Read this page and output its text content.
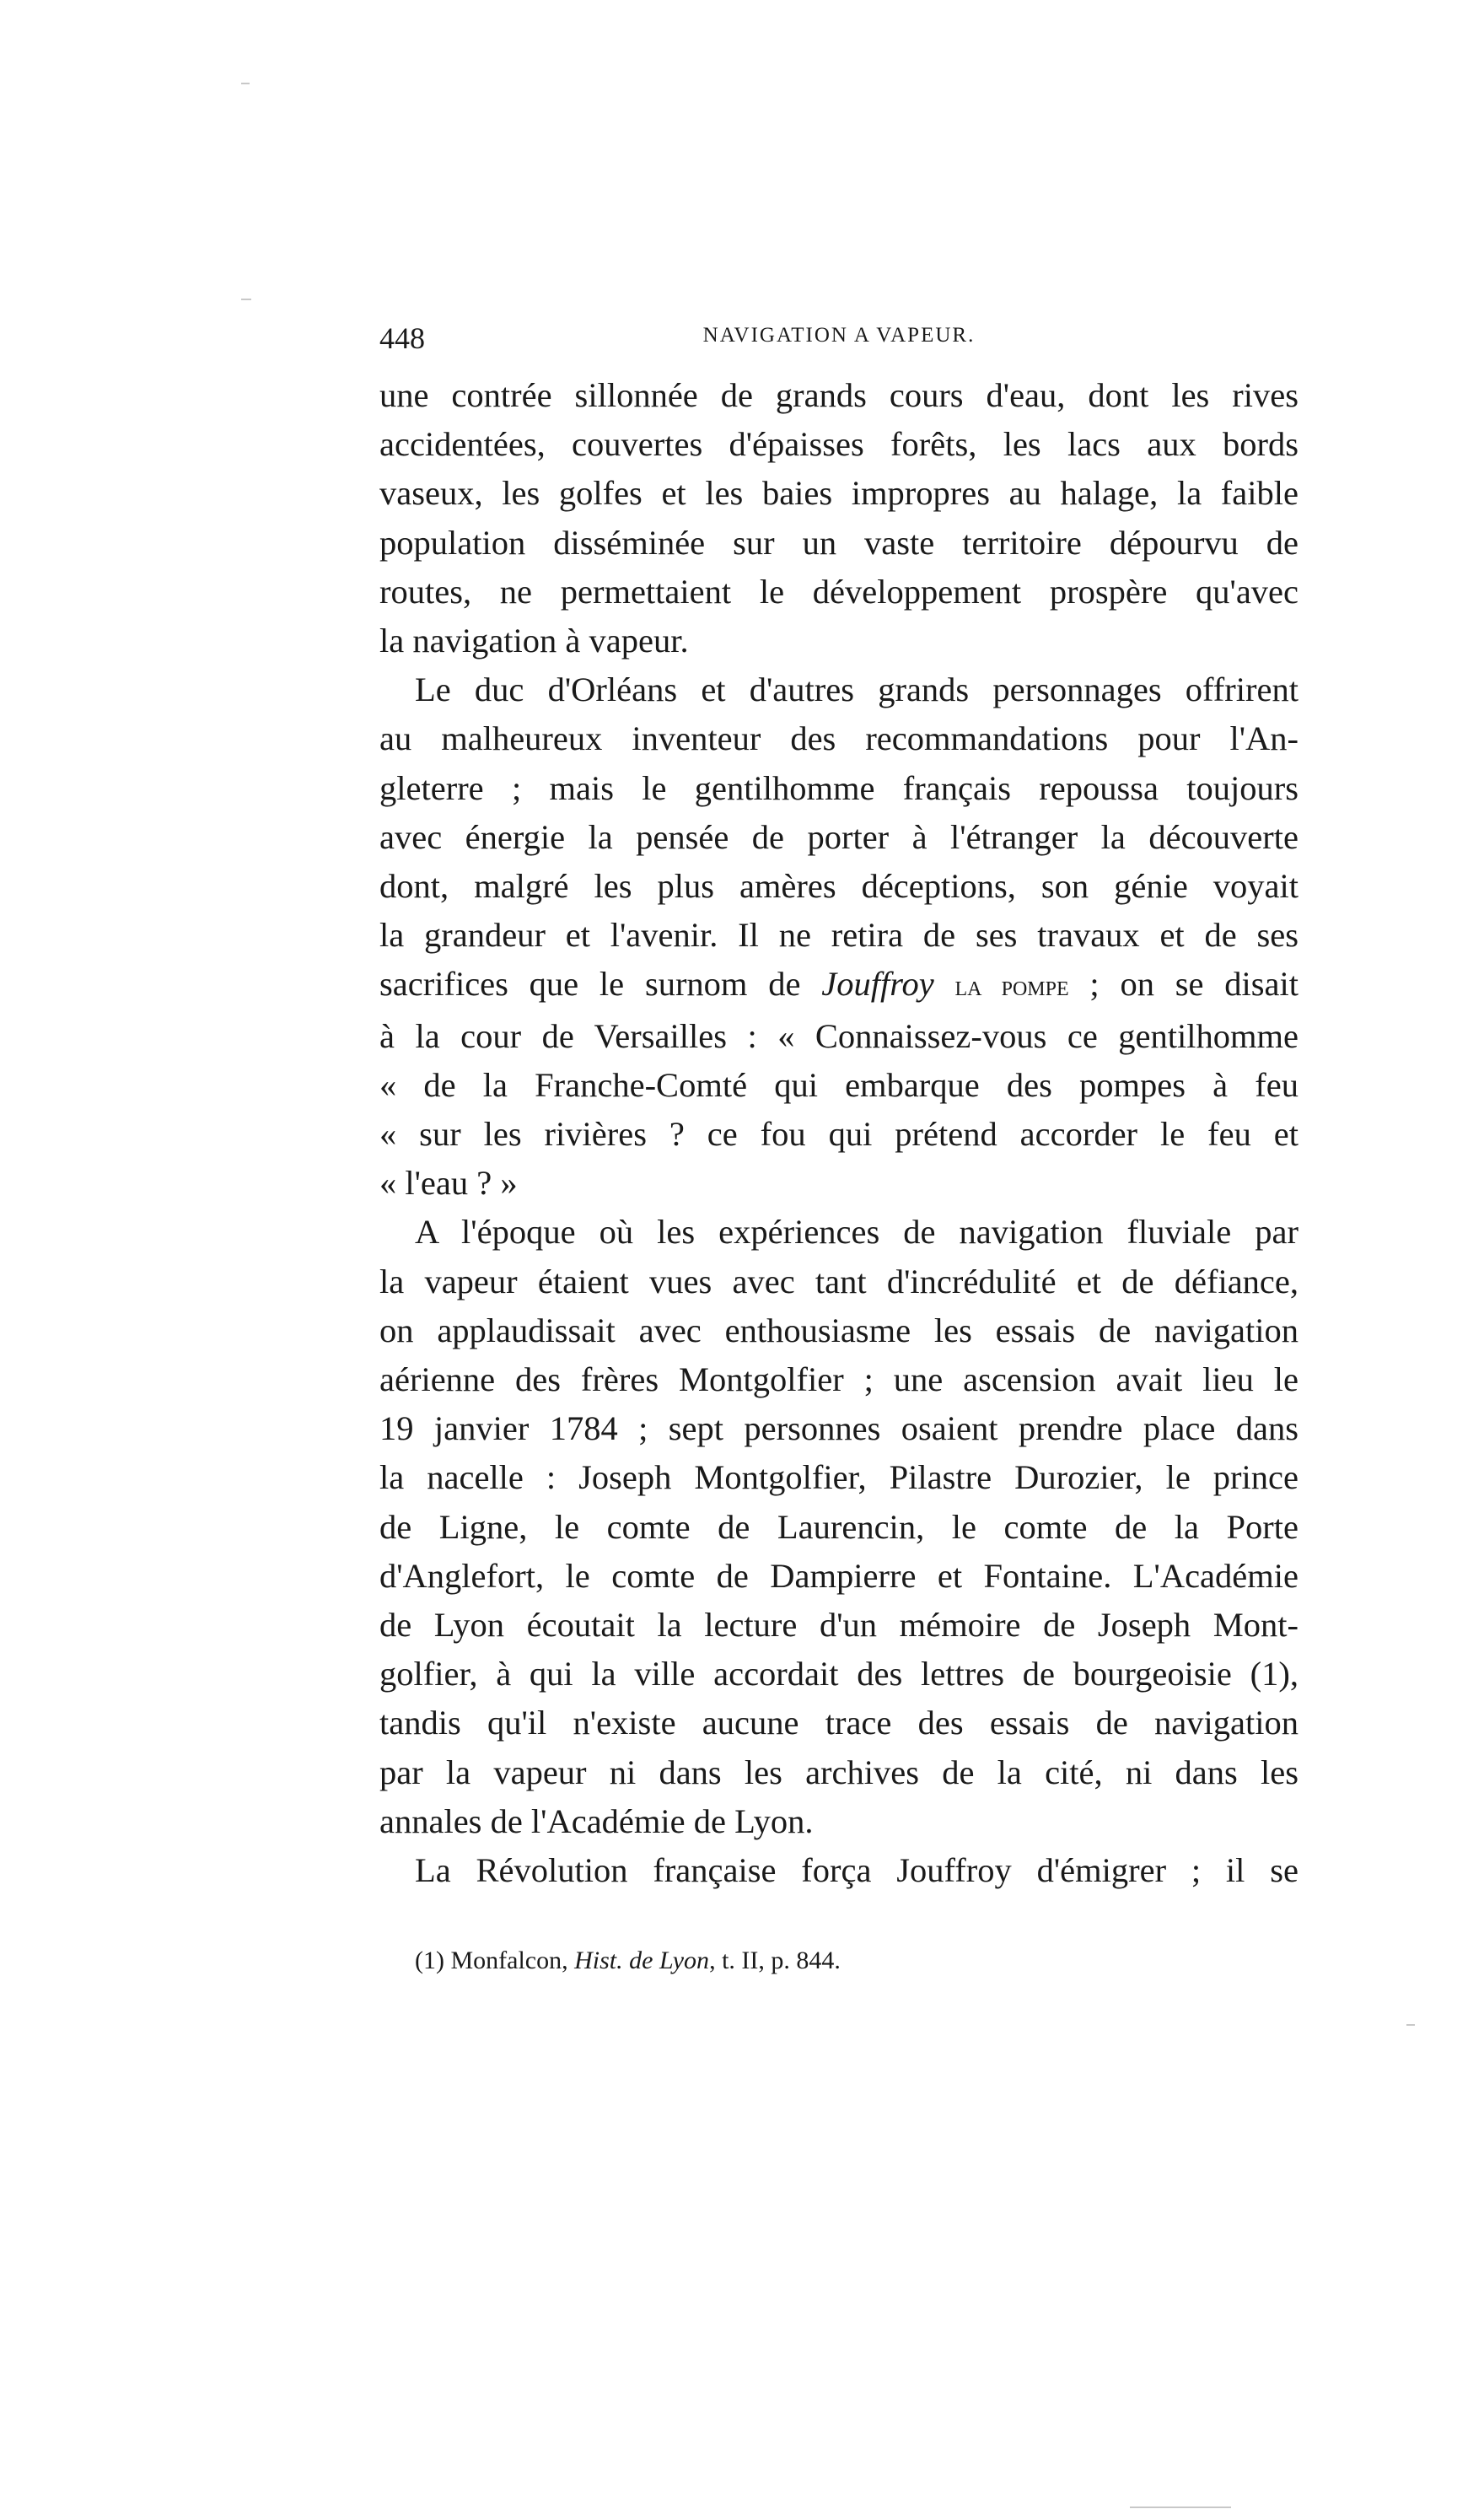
448	NAVIGATION A VAPEUR.
une contrée sillonnée de grands cours d'eau, dont les rives
accidentées, couvertes d'épaisses forêts, les lacs aux bords
vaseux, les golfes et les baies impropres au halage, la faible
population disséminée sur un vaste territoire dépourvu de
routes, ne permettaient le développement prospère qu'avec
la navigation à vapeur.
Le duc d'Orléans et d'autres grands personnages offrirent
au malheureux inventeur des recommandations pour l'An-
gleterre ; mais le gentilhomme français repoussa toujours
avec énergie la pensée de porter à l'étranger la découverte
dont, malgré les plus amères déceptions, son génie voyait
la grandeur et l'avenir. Il ne retira de ses travaux et de ses
sacrifices que le surnom de Jouffroy la pompe ; on se disait
à la cour de Versailles : « Connaissez-vous ce gentilhomme
« de la Franche-Comté qui embarque des pompes à feu
« sur les rivières ? ce fou qui prétend accorder le feu et
« l'eau ? »
A l'époque où les expériences de navigation fluviale par
la vapeur étaient vues avec tant d'incrédulité et de défiance,
on applaudissait avec enthousiasme les essais de navigation
aérienne des frères Montgolfier ; une ascension avait lieu le
19 janvier 1784 ; sept personnes osaient prendre place dans
la nacelle : Joseph Montgolfier, Pilastre Durozier, le prince
de Ligne, le comte de Laurencin, le comte de la Porte
d'Anglefort, le comte de Dampierre et Fontaine. L'Académie
de Lyon écoutait la lecture d'un mémoire de Joseph Mont-
golfier, à qui la ville accordait des lettres de bourgeoisie (1),
tandis qu'il n'existe aucune trace des essais de navigation
par la vapeur ni dans les archives de la cité, ni dans les
annales de l'Académie de Lyon.
La Révolution française força Jouffroy d'émigrer ; il se
(1) Monfalcon, Hist. de Lyon, t. II, p. 844.
